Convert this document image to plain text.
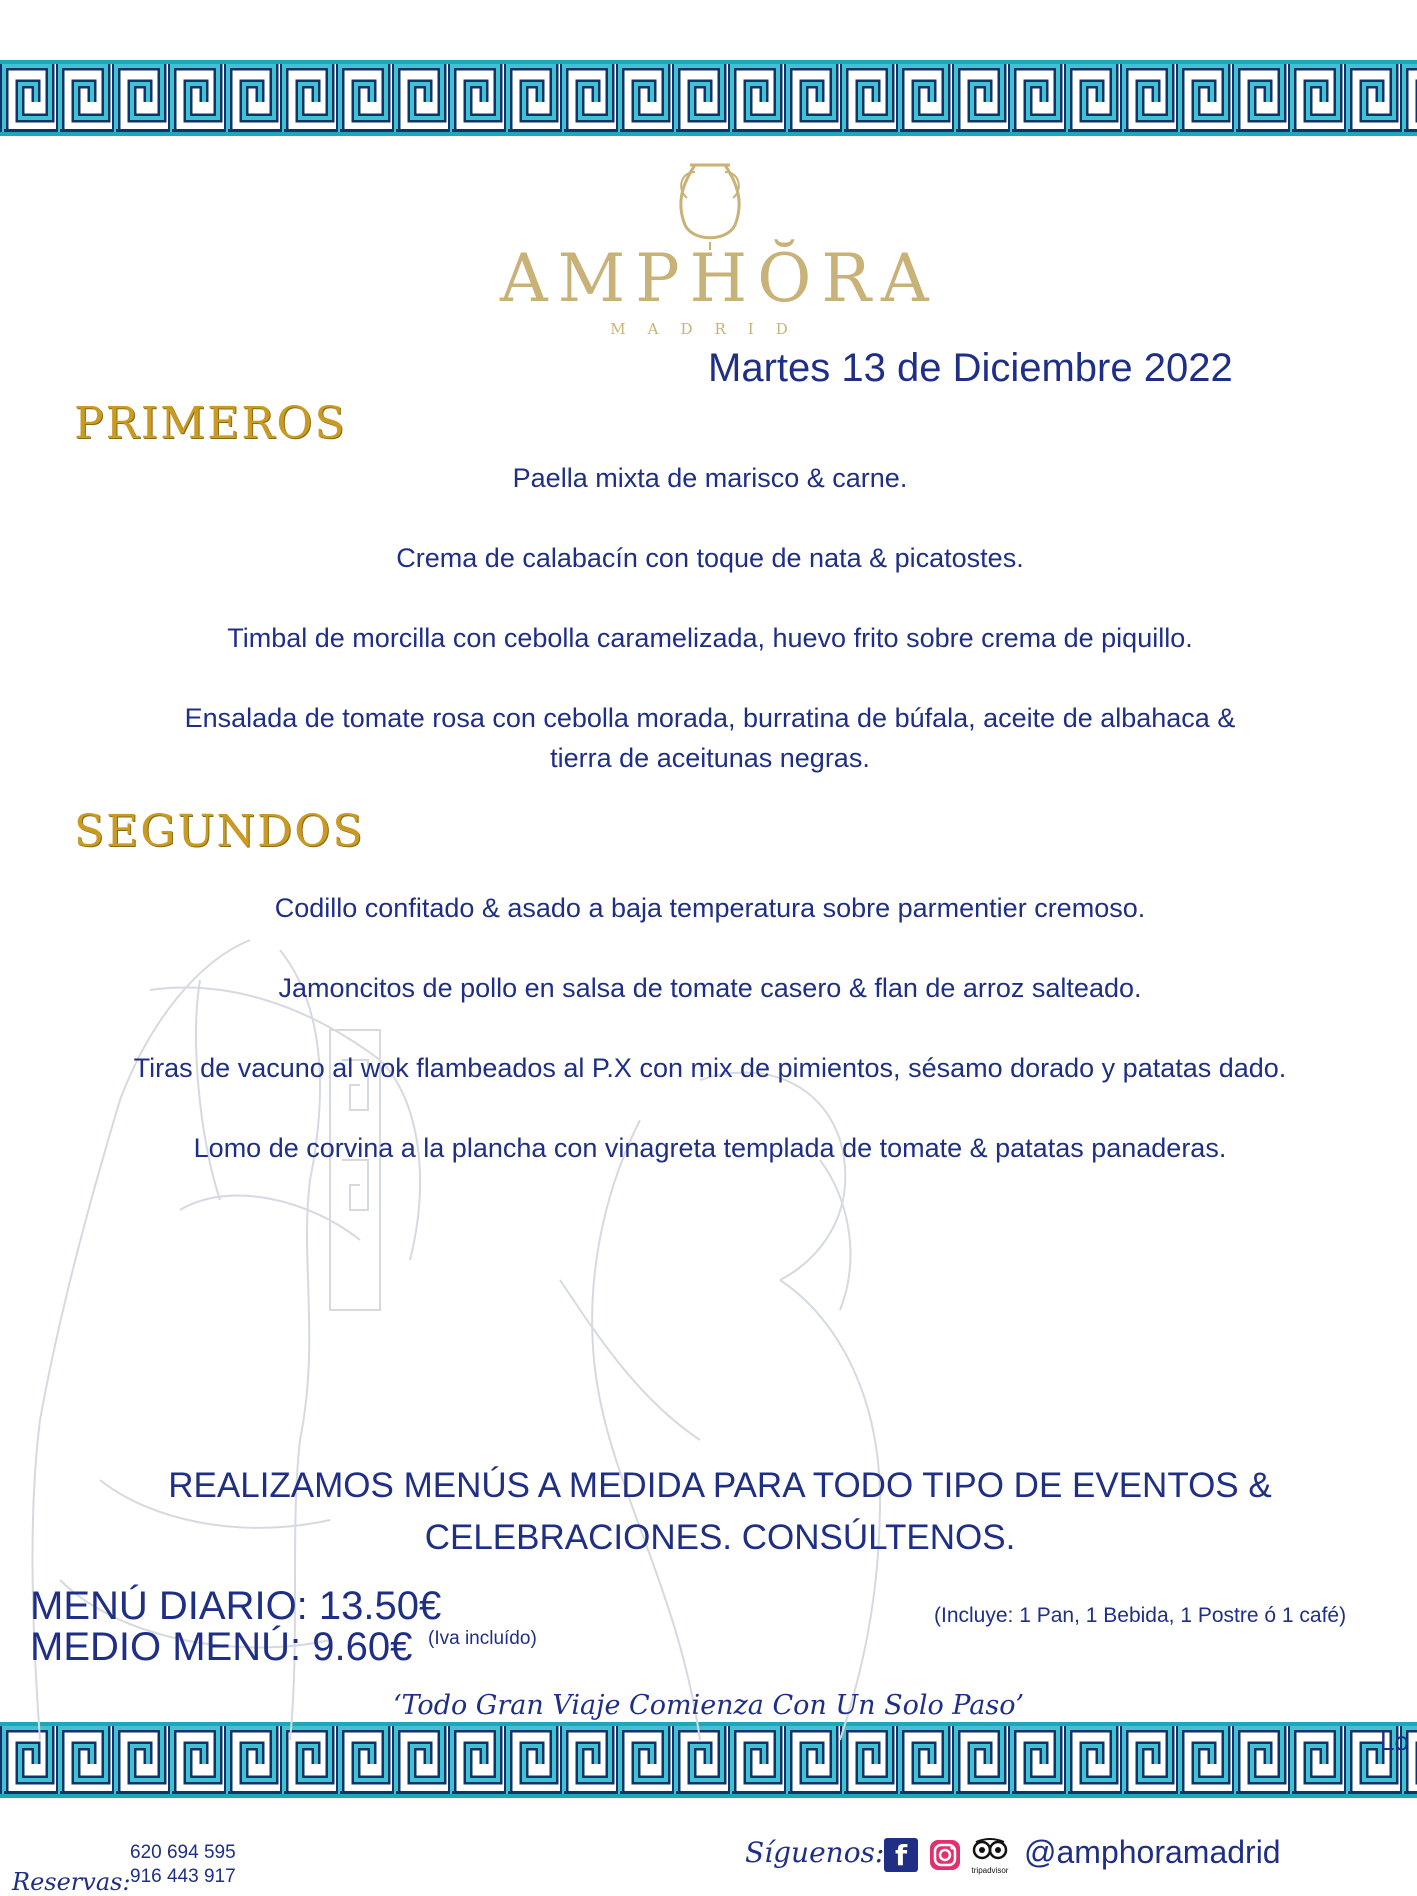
AMPHŎRA
MADRID
Martes 13 de Diciembre 2022
PRIMEROS
Paella mixta de marisco & carne.
Crema de calabacín con toque de nata & picatostes.
Timbal de morcilla con cebolla caramelizada, huevo frito sobre crema de piquillo.
Ensalada de tomate rosa con cebolla morada, burratina de búfala, aceite de albahaca &
tierra de aceitunas negras.
SEGUNDOS
Codillo confitado & asado a baja temperatura sobre parmentier cremoso.
Jamoncitos de pollo en salsa de tomate casero & flan de arroz salteado.
Tiras de vacuno al wok flambeados al P.X con mix de pimientos, sésamo dorado y patatas dado.
Lomo de corvina a la plancha con vinagreta templada de tomate & patatas panaderas.
REALIZAMOS MENÚS A MEDIDA PARA TODO TIPO DE EVENTOS &
CELEBRACIONES. CONSÚLTENOS.
MENÚ DIARIO: 13.50€
MEDIO MENÚ: 9.60€ (Iva incluído)
(Incluye: 1 Pan, 1 Bebida, 1 Postre ó 1 café)
‘Todo Gran Viaje Comienza Con Un Solo Paso’
Lo
Reservas:
620 694 595
916 443 917
Síguenos: f	tripadvisor
@amphoramadrid
